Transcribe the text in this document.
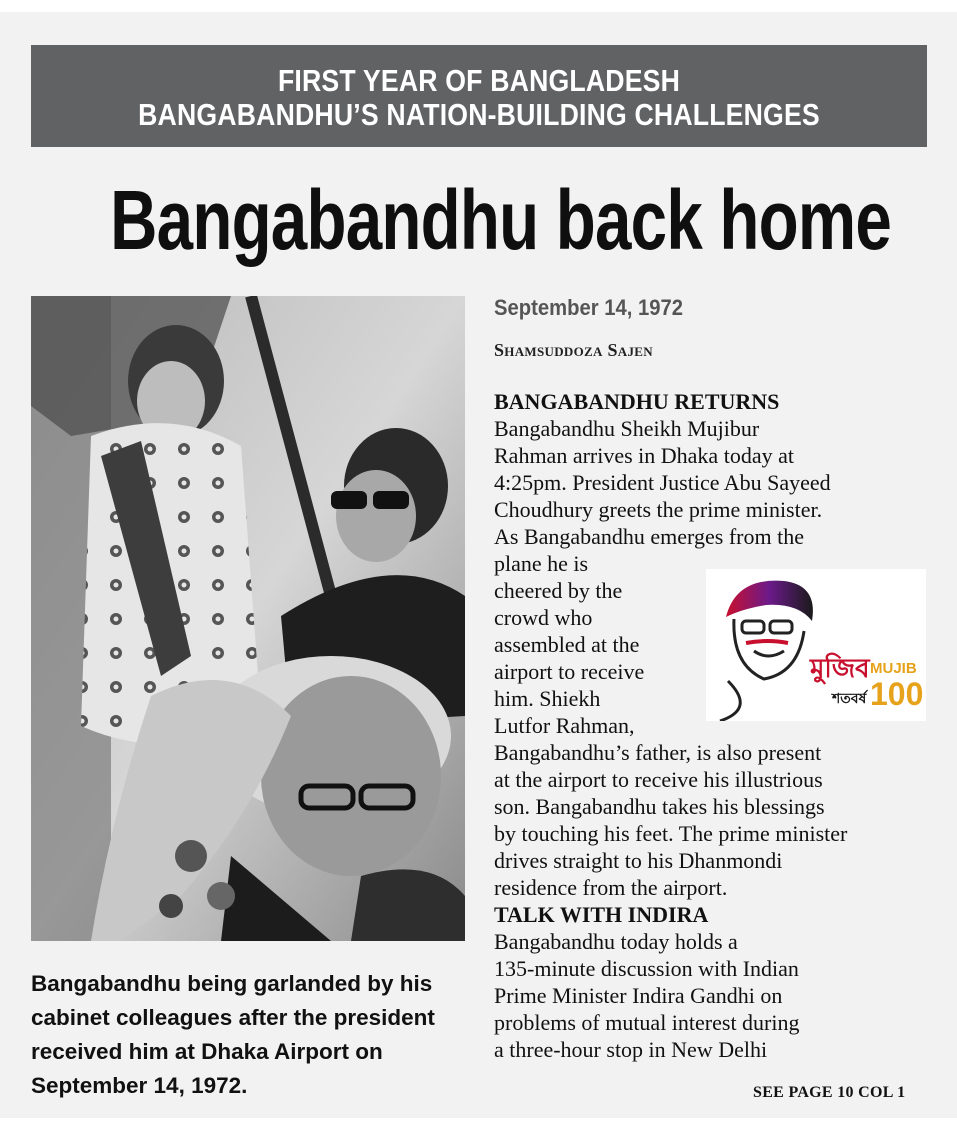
FIRST YEAR OF BANGLADESH
BANGABANDHU’S NATION-BUILDING CHALLENGES
Bangabandhu back home
Bangabandhu being garlanded by his cabinet colleagues after the president received him at Dhaka Airport on September 14, 1972.
September 14, 1972
Shamsuddoza Sajen
BANGABANDHU RETURNS
Bangabandhu Sheikh Mujibur
Rahman arrives in Dhaka today at
4:25pm. President Justice Abu Sayeed
Choudhury greets the prime minister.
As Bangabandhu emerges from the
plane he is
cheered by the
crowd who
assembled at the
airport to receive
him. Shiekh
Lutfor Rahman,
Bangabandhu’s father, is also present
at the airport to receive his illustrious
son. Bangabandhu takes his blessings
by touching his feet. The prime minister
drives straight to his Dhanmondi
residence from the airport.
TALK WITH INDIRA
Bangabandhu today holds a
135-minute discussion with Indian
Prime Minister Indira Gandhi on
problems of mutual interest during
a three-hour stop in New Delhi
মুজিব
শতবর্ষ
MUJIB
100
SEE PAGE 10 COL 1
